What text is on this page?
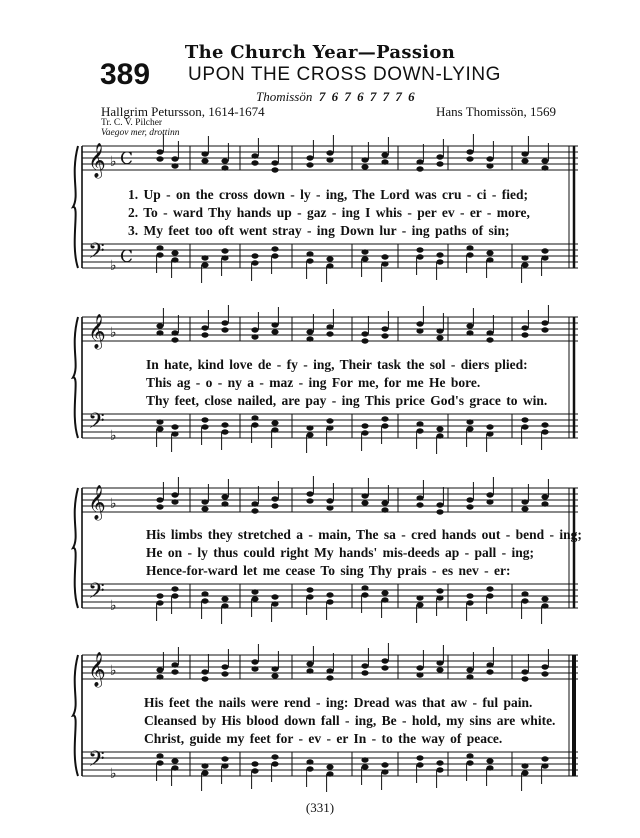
The Church Year—Passion
389 UPON THE CROSS DOWN-LYING
Thomissön 7 6 7 6 7 7 7 6
Hallgrim Petursson, 1614-1674	Hans Thomissön, 1569
Tr. C. V. Pilcher
Vaegov mer, drottinn
𝄞
𝄢
♭
♭
C
C
𝄞
𝄢
♭
♭
𝄞
𝄢
♭
♭
𝄞
𝄢
♭
♭
1. Up - on the cross down - ly - ing, The Lord was cru - ci - fied;
2. To - ward Thy hands up - gaz - ing I whis - per ev - er - more,
3. My feet too oft went stray - ing Down lur - ing paths of sin;
In hate, kind love de - fy - ing, Their task the sol - diers plied:
This ag - o - ny a - maz - ing For me, for me He bore.
Thy feet, close nailed, are pay - ing This price God's grace to win.
His limbs they stretched a - main, The sa - cred hands out - bend - ing;
He on - ly thus could right My hands' mis-deeds ap - pall - ing;
Hence-for-ward let me cease To sing Thy prais - es nev - er:
His feet the nails were rend - ing: Dread was that aw - ful pain.
Cleansed by His blood down fall - ing, Be - hold, my sins are white.
Christ, guide my feet for - ev - er In - to the way of peace.
(331)
